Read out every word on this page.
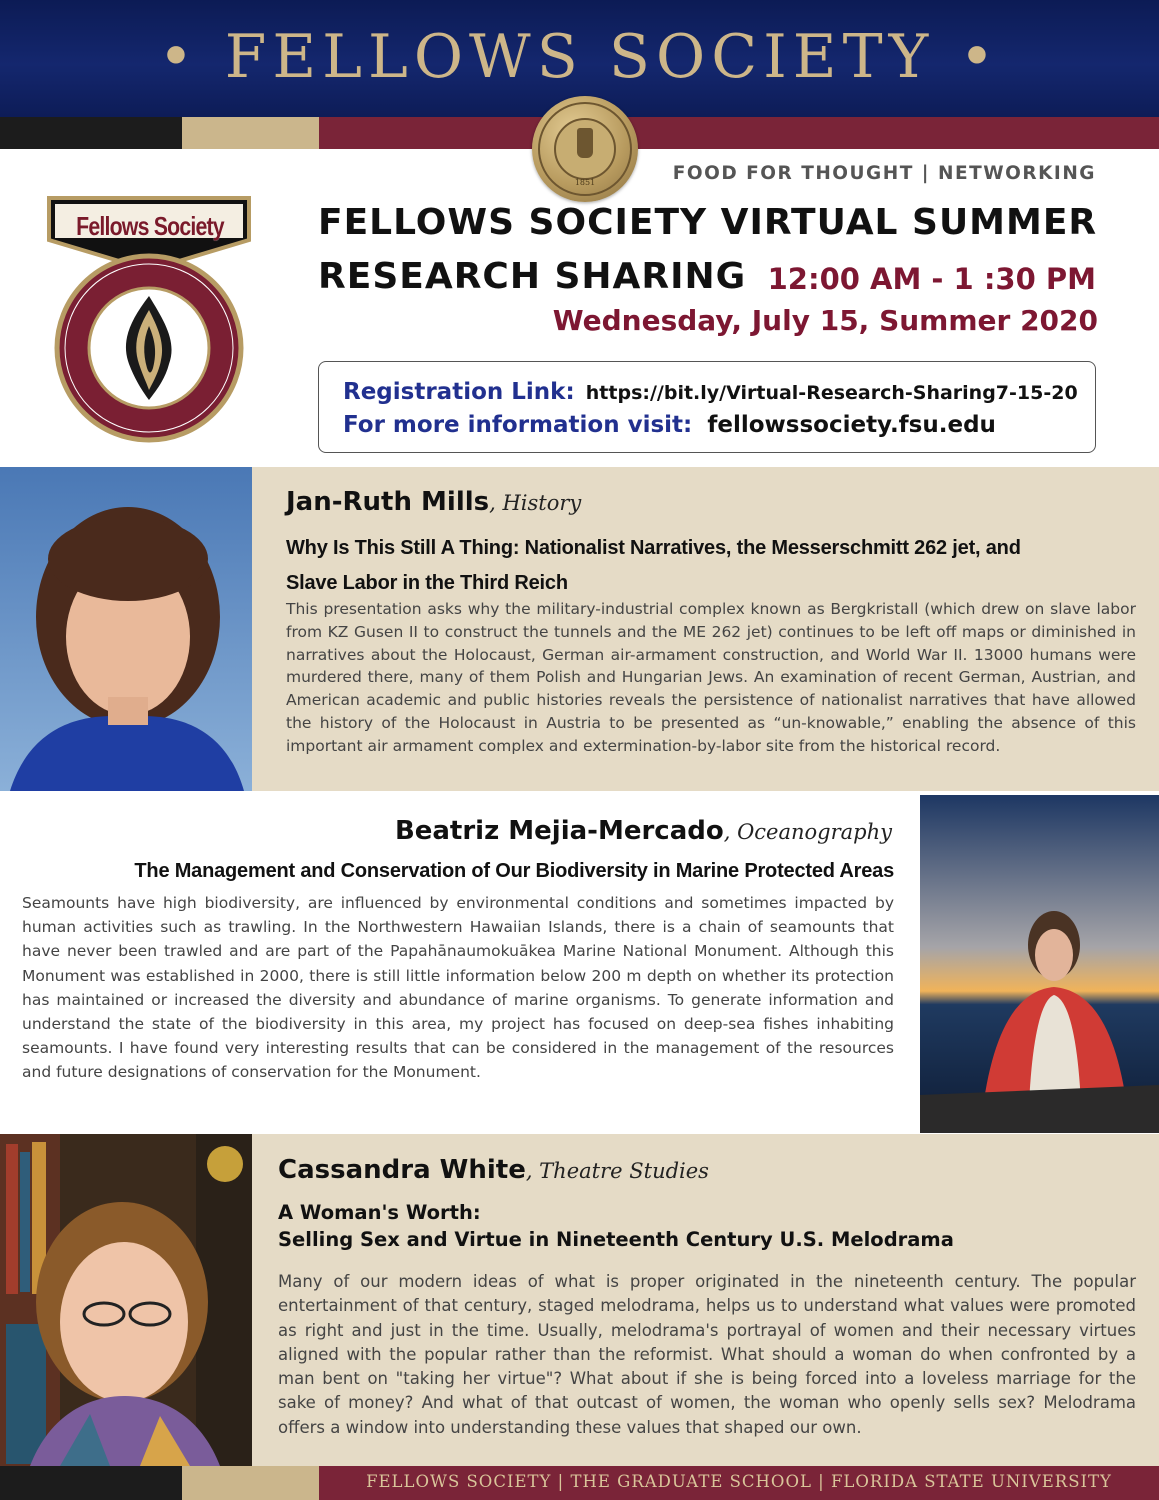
• FELLOWS SOCIETY •
1851
Fellows Society
FOOD FOR THOUGHT | NETWORKING
FELLOWS SOCIETY VIRTUAL SUMMER
RESEARCH SHARING 12:00 AM - 1 :30 PM
Wednesday, July 15, Summer 2020
Registration Link: https://bit.ly/Virtual-Research-Sharing7-15-20
For more information visit: fellowssociety.fsu.edu
Jan-Ruth Mills, History
Why Is This Still A Thing: Nationalist Narratives, the Messerschmitt 262 jet, and
Slave Labor in the Third Reich
This presentation asks why the military-industrial complex known as Bergkristall (which drew on slave labor from KZ Gusen II to construct the tunnels and the ME 262 jet) continues to be left off maps or diminished in narratives about the Holocaust, German air-armament construction, and World War II. 13000 humans were murdered there, many of them Polish and Hungarian Jews. An examination of recent German, Austrian, and American academic and public histories reveals the persistence of nationalist narratives that have allowed the history of the Holocaust in Austria to be presented as “un-knowable,” enabling the absence of this important air armament complex and extermination-by-labor site from the historical record.
Beatriz Mejia-Mercado, Oceanography
The Management and Conservation of Our Biodiversity in Marine Protected Areas
Seamounts have high biodiversity, are influenced by environmental conditions and sometimes impacted by human activities such as trawling. In the Northwestern Hawaiian Islands, there is a chain of seamounts that have never been trawled and are part of the Papahānaumokuākea Marine National Monument. Although this Monument was established in 2000, there is still little information below 200 m depth on whether its protection has maintained or increased the diversity and abundance of marine organisms. To generate information and understand the state of the biodiversity in this area, my project has focused on deep-sea fishes inhabiting seamounts. I have found very interesting results that can be considered in the management of the resources and future designations of conservation for the Monument.
Cassandra White, Theatre Studies
A Woman's Worth:
Selling Sex and Virtue in Nineteenth Century U.S. Melodrama
Many of our modern ideas of what is proper originated in the nineteenth century. The popular entertainment of that century, staged melodrama, helps us to understand what values were promoted as right and just in the time. Usually, melodrama's portrayal of women and their necessary virtues aligned with the popular rather than the reformist. What should a woman do when confronted by a man bent on "taking her virtue"? What about if she is being forced into a loveless marriage for the sake of money? And what of that outcast of women, the woman who openly sells sex? Melodrama offers a window into understanding these values that shaped our own.
FELLOWS SOCIETY | THE GRADUATE SCHOOL | FLORIDA STATE UNIVERSITY
